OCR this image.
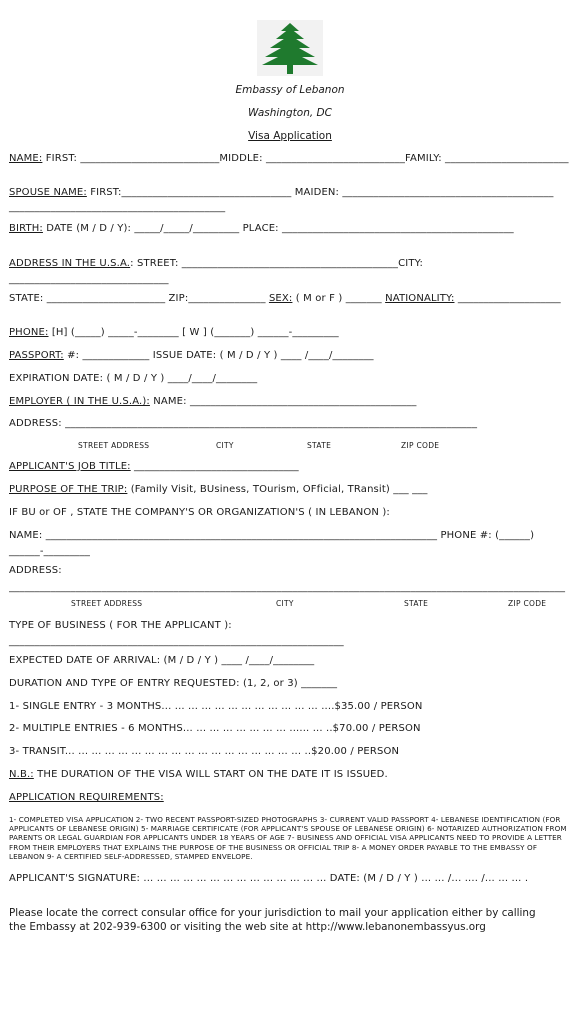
Embassy of Lebanon
Washington, DC
Visa Application
NAME: FIRST: ___________________________MIDDLE: ___________________________FAMILY: ________________________
SPOUSE NAME: FIRST:_________________________________ MAIDEN: _________________________________________
__________________________________________
BIRTH: DATE (M / D / Y): _____/_____/_________ PLACE: _____________________________________________
ADDRESS IN THE U.S.A.: STREET: __________________________________________CITY: _______________________________
STATE: _______________________ ZIP:_______________ SEX: ( M or F ) _______ NATIONALITY: ____________________
PHONE: [H] (_____) _____-________ [ W ] (_______) ______-_________
PASSPORT: #: _____________ ISSUE DATE: ( M / D / Y ) ____ /____/________
EXPIRATION DATE: ( M / D / Y ) ____/____/________
EMPLOYER ( IN THE U.S.A.): NAME: ____________________________________________
ADDRESS: ________________________________________________________________________________
STREET ADDRESS	CITY	STATE	ZIP CODE
APPLICANT'S JOB TITLE: ________________________________
PURPOSE OF THE TRIP: (Family Visit, BUsiness, TOurism, OFficial, TRansit) ___ ___
IF BU or OF , STATE THE COMPANY'S OR ORGANIZATION'S ( IN LEBANON ):
NAME: ____________________________________________________________________________ PHONE #: (______) ______-_________
ADDRESS:
____________________________________________________________________________________________________________
STREET ADDRESS	CITY	STATE	ZIP CODE
TYPE OF BUSINESS ( FOR THE APPLICANT ):
_________________________________________________________________
EXPECTED DATE OF ARRIVAL: (M / D / Y ) ____ /____/________
DURATION AND TYPE OF ENTRY REQUESTED: (1, 2, or 3) _______
1- SINGLE ENTRY - 3 MONTHS... ... ... ... ... ... ... ... ... ... ... ... ....$35.00 / PERSON
2- MULTIPLE ENTRIES - 6 MONTHS... ... ... ... ... ... ... ... ...... ... ..$70.00 / PERSON
3- TRANSIT... ... ... ... ... ... ... ... ... ... ... ... ... ... ... ... ... ... ..$20.00 / PERSON
N.B.: THE DURATION OF THE VISA WILL START ON THE DATE IT IS ISSUED.
APPLICATION REQUIREMENTS:
1- COMPLETED VISA APPLICATION 2- TWO RECENT PASSPORT-SIZED PHOTOGRAPHS 3- CURRENT VALID PASSPORT 4- LEBANESE IDENTIFICATION (FOR APPLICANTS OF LEBANESE ORIGIN) 5- MARRIAGE CERTIFICATE (FOR APPLICANT'S SPOUSE OF LEBANESE ORIGIN) 6- NOTARIZED AUTHORIZATION FROM PARENTS OR LEGAL GUARDIAN FOR APPLICANTS UNDER 18 YEARS OF AGE 7- BUSINESS AND OFFICIAL VISA APPLICANTS NEED TO PROVIDE A LETTER FROM THEIR EMPLOYERS THAT EXPLAINS THE PURPOSE OF THE BUSINESS OR OFFICIAL TRIP 8- A MONEY ORDER PAYABLE TO THE EMBASSY OF LEBANON 9- A CERTIFIED SELF-ADDRESSED, STAMPED ENVELOPE.
APPLICANT'S SIGNATURE: ... ... ... ... ... ... ... ... ... ... ... ... ... ... DATE: (M / D / Y ) ... ... /... .... /... ... ... .
Please locate the correct consular office for your jurisdiction to mail your application either by calling the Embassy at 202-939-6300 or visiting the web site at http://www.lebanonembassyus.org
